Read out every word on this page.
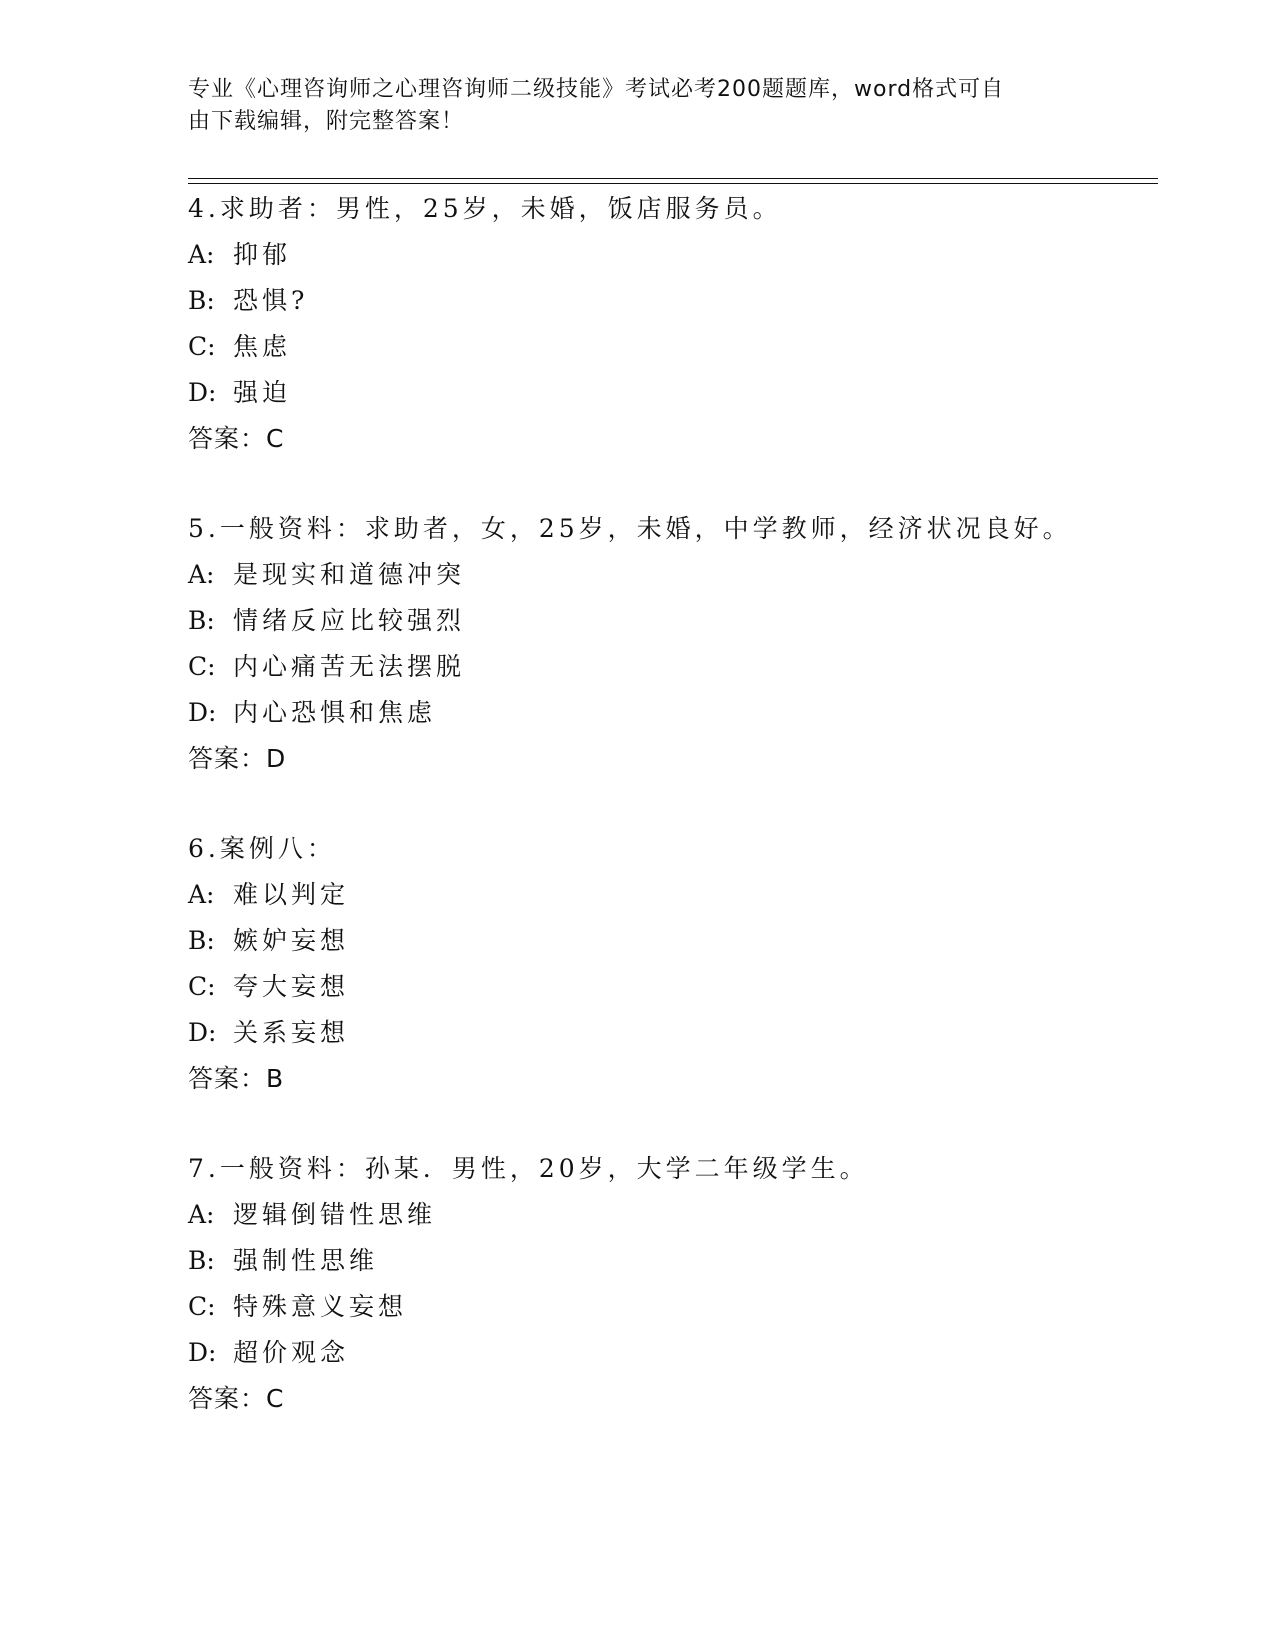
专业《心理咨询师之心理咨询师二级技能》考试必考200题题库，word格式可自
由下载编辑，附完整答案！
4.求助者：男性，25岁，未婚，饭店服务员。
A: 抑郁
B: 恐惧?
C: 焦虑
D: 强迫
答案：C
5.一般资料：求助者，女，25岁，未婚，中学教师，经济状况良好。
A: 是现实和道德冲突
B: 情绪反应比较强烈
C: 内心痛苦无法摆脱
D: 内心恐惧和焦虑
答案：D
6.案例八：
A: 难以判定
B: 嫉妒妄想
C: 夸大妄想
D: 关系妄想
答案：B
7.一般资料：孙某．男性，20岁，大学二年级学生。
A: 逻辑倒错性思维
B: 强制性思维
C: 特殊意义妄想
D: 超价观念
答案：C
